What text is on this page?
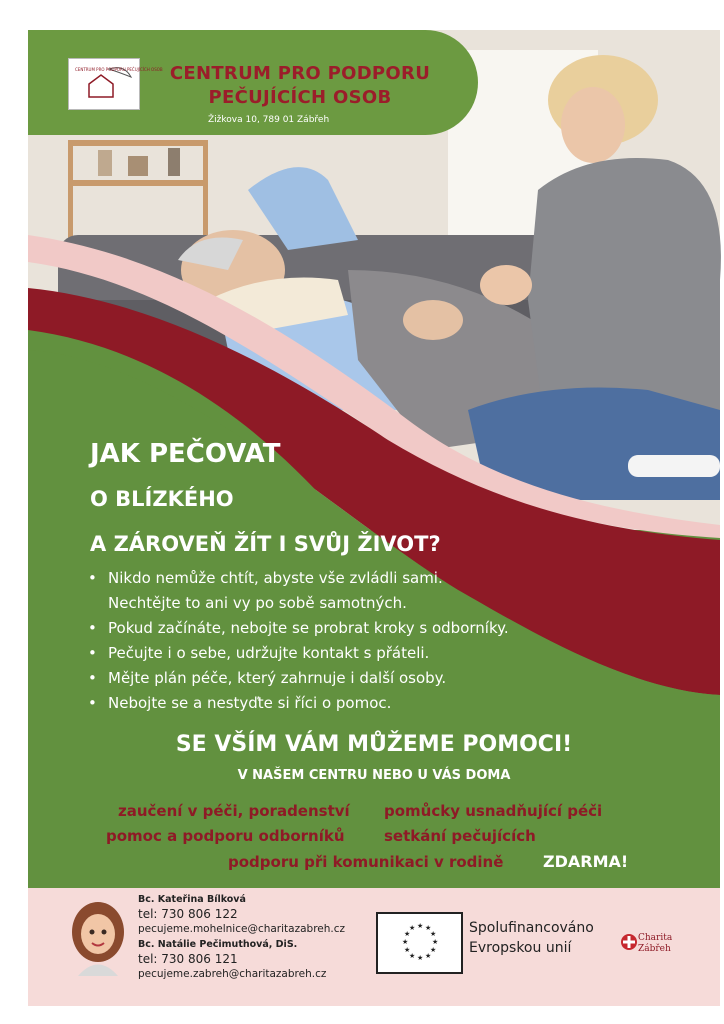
CENTRUM PRO PODPORU PEČUJÍCÍCH OSOB CENTRUM PRO PODPORU
PEČUJÍCÍCH OSOB
Žižkova 10, 789 01 Zábřeh
JAK PEČOVAT
O BLÍZKÉHO
A ZÁROVEŇ ŽÍT I SVŮJ ŽIVOT?
• Nikdo nemůže chtít, abyste vše zvládli sami.
Nechtějte to ani vy po sobě samotných.
• Pokud začínáte, nebojte se probrat kroky s odborníky.
• Pečujte i o sebe, udržujte kontakt s přáteli.
• Mějte plán péče, který zahrnuje i další osoby.
• Nebojte se a nestyďte si říci o pomoc.
SE VŠÍM VÁM MŮŽEME POMOCI!
V NAŠEM CENTRU NEBO U VÁS DOMA
zaučení v péči, poradenství
pomoc a podporu odborníků
pomůcky usnadňující péči
setkání pečujících
podporu při komunikaci v rodině ZDARMA!
Bc. Kateřina Bílková
tel: 730 806 122
pecujeme.mohelnice@charitazabreh.cz
Bc. Natálie Pečimuthová, DiS.
tel: 730 806 121
pecujeme.zabreh@charitazabreh.cz
★ ★
★
★
★
★
★
★
★
★
★
★	Spolufinancováno
Evropskou unií
Charita
Zábřeh
